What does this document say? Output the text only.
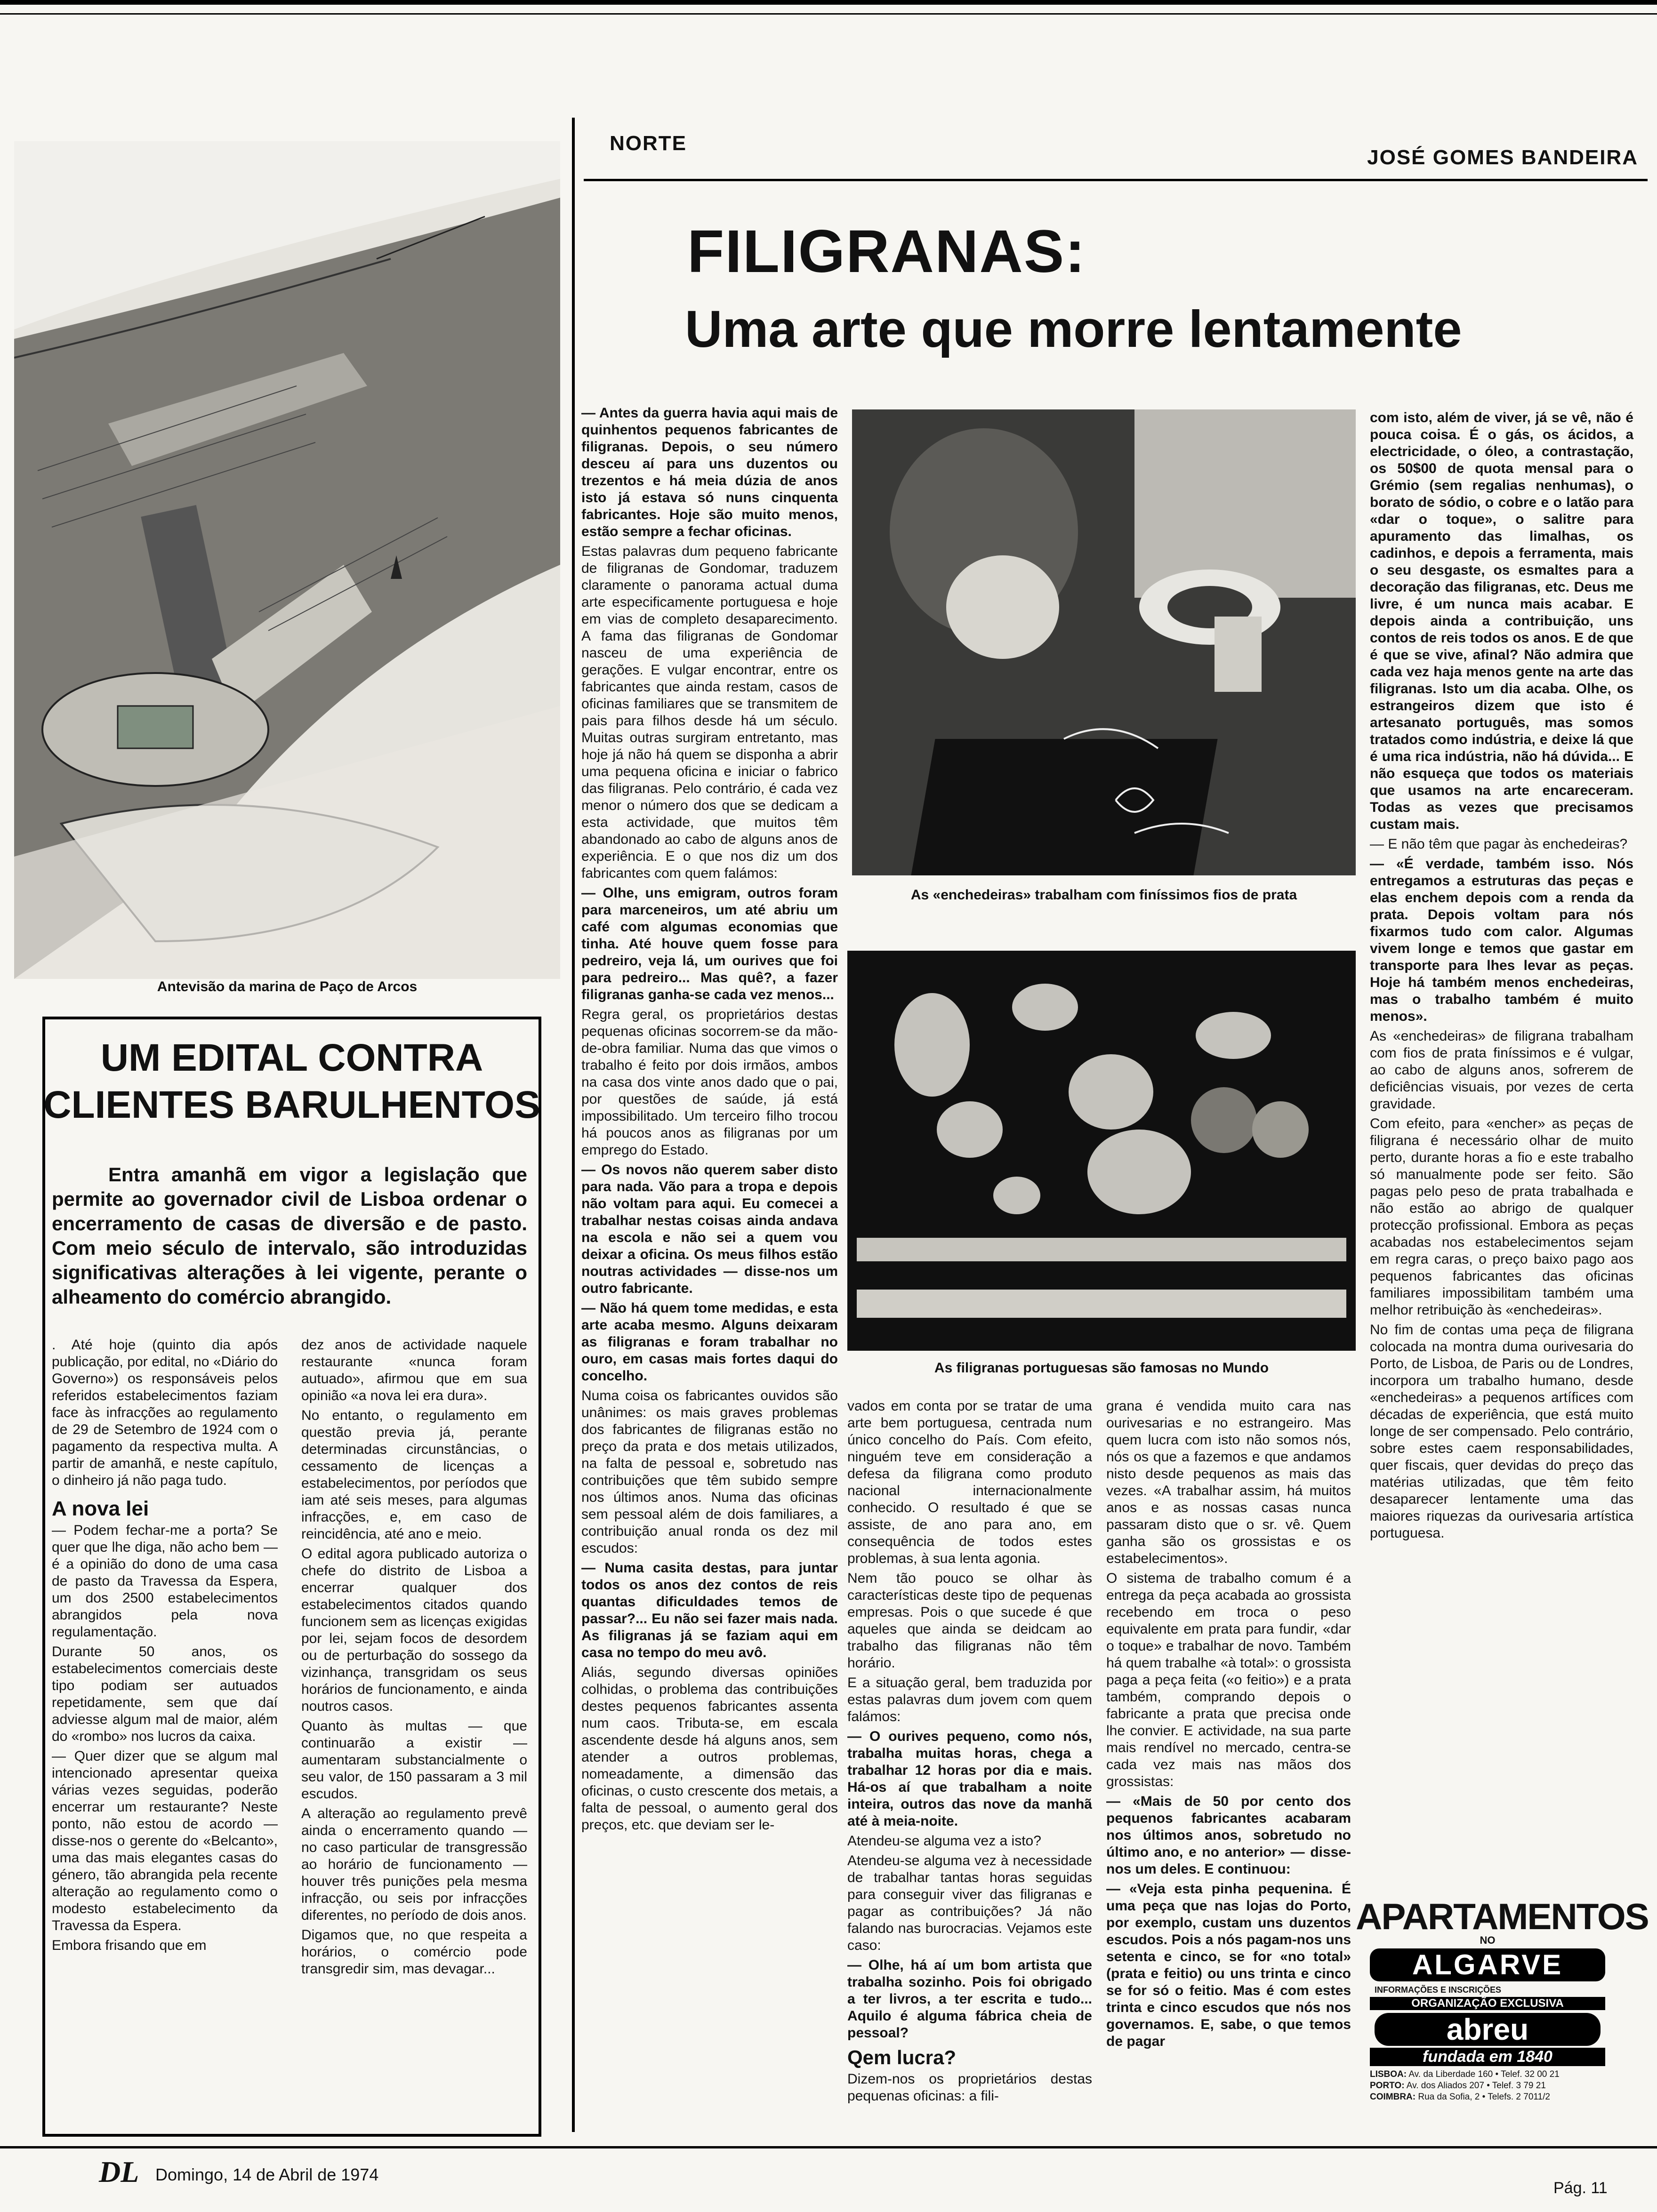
Antevisão da marina de Paço de Arcos
NORTE
JOSÉ GOMES BANDEIRA
FILIGRANAS:
Uma arte que morre lentamente

— Antes da guerra havia aqui mais de quinhentos pequenos fabricantes de filigranas. Depois, o seu número desceu aí para uns duzentos ou trezentos e há meia dúzia de anos isto já estava só nuns cinquenta fabricantes. Hoje são muito menos, estão sempre a fechar oficinas.

Estas palavras dum pequeno fabricante de filigranas de Gondomar, traduzem claramente o panorama actual duma arte especificamente portuguesa e hoje em vias de completo desaparecimento. A fama das filigranas de Gondomar nasceu de uma experiência de gerações. E vulgar encontrar, entre os fabricantes que ainda restam, casos de oficinas familiares que se transmitem de pais para filhos desde há um século. Muitas outras surgiram entretanto, mas hoje já não há quem se disponha a abrir uma pequena oficina e iniciar o fabrico das filigranas. Pelo contrário, é cada vez menor o número dos que se dedicam a esta actividade, que muitos têm abandonado ao cabo de alguns anos de experiência. E o que nos diz um dos fabricantes com quem falámos:

— Olhe, uns emigram, outros foram para marceneiros, um até abriu um café com algumas economias que tinha. Até houve quem fosse para pedreiro, veja lá, um ourives que foi para pedreiro... Mas quê?, a fazer filigranas ganha-se cada vez menos...

Regra geral, os proprietários destas pequenas oficinas socorrem-se da mão-de-obra familiar. Numa das que vimos o trabalho é feito por dois irmãos, ambos na casa dos vinte anos dado que o pai, por questões de saúde, já está impossibilitado. Um terceiro filho trocou há poucos anos as filigranas por um emprego do Estado.

— Os novos não querem saber disto para nada. Vão para a tropa e depois não voltam para aqui. Eu comecei a trabalhar nestas coisas ainda andava na escola e não sei a quem vou deixar a oficina. Os meus filhos estão noutras actividades — disse-nos um outro fabricante.

— Não há quem tome medidas, e esta arte acaba mesmo. Alguns deixaram as filigranas e foram trabalhar no ouro, em casas mais fortes daqui do concelho.

Numa coisa os fabricantes ouvidos são unânimes: os mais graves problemas dos fabricantes de filigranas estão no preço da prata e dos metais utilizados, na falta de pessoal e, sobretudo nas contribuições que têm subido sempre nos últimos anos. Numa das oficinas sem pessoal além de dois familiares, a contribuição anual ronda os dez mil escudos:

— Numa casita destas, para juntar todos os anos dez contos de reis quantas dificuldades temos de passar?... Eu não sei fazer mais nada. As filigranas já se faziam aqui em casa no tempo do meu avô.

Aliás, segundo diversas opiniões colhidas, o problema das contribuições destes pequenos fabricantes assenta num caos. Tributa-se, em escala ascendente desde há alguns anos, sem atender a outros problemas, nomeadamente, a dimensão das oficinas, o custo crescente dos metais, a falta de pessoal, o aumento geral dos preços, etc. que deviam ser le-

As «enchedeiras» trabalham com finíssimos fios de prata
As filigranas portuguesas são famosas no Mundo

vados em conta por se tratar de uma arte bem portuguesa, centrada num único concelho do País. Com efeito, ninguém teve em consideração a defesa da filigrana como produto nacional internacionalmente conhecido. O resultado é que se assiste, de ano para ano, em consequência de todos estes problemas, à sua lenta agonia.

Nem tão pouco se olhar às características deste tipo de pequenas empresas. Pois o que sucede é que aqueles que ainda se deidcam ao trabalho das filigranas não têm horário.

E a situação geral, bem traduzida por estas palavras dum jovem com quem falámos:

— O ourives pequeno, como nós, trabalha muitas horas, chega a trabalhar 12 horas por dia e mais. Há-os aí que trabalham a noite inteira, outros das nove da manhã até à meia-noite.

Atendeu-se alguma vez a isto?

Atendeu-se alguma vez à necessidade de trabalhar tantas horas seguidas para conseguir viver das filigranas e pagar as contribuições? Já não falando nas burocracias. Vejamos este caso:

— Olhe, há aí um bom artista que trabalha sozinho. Pois foi obrigado a ter livros, a ter escrita e tudo... Aquilo é alguma fábrica cheia de pessoal?

Qem lucra?

Dizem-nos os proprietários destas pequenas oficinas: a fili-

grana é vendida muito cara nas ourivesarias e no estrangeiro. Mas quem lucra com isto não somos nós, nós os que a fazemos e que andamos nisto desde pequenos as mais das vezes. «A trabalhar assim, há muitos anos e as nossas casas nunca passaram disto que o sr. vê. Quem ganha são os grossistas e os estabelecimentos».

O sistema de trabalho comum é a entrega da peça acabada ao grossista recebendo em troca o peso equivalente em prata para fundir, «dar o toque» e trabalhar de novo. Também há quem trabalhe «à total»: o grossista paga a peça feita («o feitio») e a prata também, comprando depois o fabricante a prata que precisa onde lhe convier. E actividade, na sua parte mais rendível no mercado, centra-se cada vez mais nas mãos dos grossistas:

— «Mais de 50 por cento dos pequenos fabricantes acabaram nos últimos anos, sobretudo no último ano, e no anterior» — disse-nos um deles. E continuou:

— «Veja esta pinha pequenina. É uma peça que nas lojas do Porto, por exemplo, custam uns duzentos escudos. Pois a nós pagam-nos uns setenta e cinco, se for «no total» (prata e feitio) ou uns trinta e cinco se for só o feitio. Mas é com estes trinta e cinco escudos que nós nos governamos. E, sabe, o que temos de pagar

com isto, além de viver, já se vê, não é pouca coisa. É o gás, os ácidos, a electricidade, o óleo, a contrastação, os 50$00 de quota mensal para o Grémio (sem regalias nenhumas), o borato de sódio, o cobre e o latão para «dar o toque», o salitre para apuramento das limalhas, os cadinhos, e depois a ferramenta, mais o seu desgaste, os esmaltes para a decoração das filigranas, etc. Deus me livre, é um nunca mais acabar. E depois ainda a contribuição, uns contos de reis todos os anos. E de que é que se vive, afinal? Não admira que cada vez haja menos gente na arte das filigranas. Isto um dia acaba. Olhe, os estrangeiros dizem que isto é artesanato português, mas somos tratados como indústria, e deixe lá que é uma rica indústria, não há dúvida... E não esqueça que todos os materiais que usamos na arte encareceram. Todas as vezes que precisamos custam mais.

— E não têm que pagar às enchedeiras?

— «É verdade, também isso. Nós entregamos a estruturas das peças e elas enchem depois com a renda da prata. Depois voltam para nós fixarmos tudo com calor. Algumas vivem longe e temos que gastar em transporte para lhes levar as peças. Hoje há também menos enchedeiras, mas o trabalho também é muito menos».

As «enchedeiras» de filigrana trabalham com fios de prata finíssimos e é vulgar, ao cabo de alguns anos, sofrerem de deficiências visuais, por vezes de certa gravidade.

Com efeito, para «encher» as peças de filigrana é necessário olhar de muito perto, durante horas a fio e este trabalho só manualmente pode ser feito. São pagas pelo peso de prata trabalhada e não estão ao abrigo de qualquer protecção profissional. Embora as peças acabadas nos estabelecimentos sejam em regra caras, o preço baixo pago aos pequenos fabricantes das oficinas familiares impossibilitam também uma melhor retribuição às «enchedeiras».

No fim de contas uma peça de filigrana colocada na montra duma ourivesaria do Porto, de Lisboa, de Paris ou de Londres, incorpora um trabalho humano, desde «enchedeiras» a pequenos artífices com décadas de experiência, que está muito longe de ser compensado. Pelo contrário, sobre estes caem responsabilidades, quer fiscais, quer devidas do preço das matérias utilizadas, que têm feito desaparecer lentamente uma das maiores riquezas da ourivesaria artística portuguesa.

APARTAMENTOS
NO
ALGARVE
INFORMAÇÕES E INSCRIÇÕES
ORGANIZAÇÃO EXCLUSIVA
abreu
fundada em 1840
LISBOA: Av. da Liberdade 160 • Telef. 32 00 21
PORTO: Av. dos Aliados 207 • Telef. 3 79 21
COIMBRA: Rua da Sofia, 2 • Telefs. 2 7011/2
UM EDITAL CONTRA
CLIENTES BARULHENTOS
Entra amanhã em vigor a legislação que permite ao governador civil de Lisboa ordenar o encerramento de casas de diversão e de pasto. Com meio século de intervalo, são introduzidas significativas alterações à lei vigente, perante o alheamento do comércio abrangido.

. Até hoje (quinto dia após publicação, por edital, no «Diário do Governo») os responsáveis pelos referidos estabelecimentos faziam face às infracções ao regulamento de 29 de Setembro de 1924 com o pagamento da respectiva multa. A partir de amanhã, e neste capítulo, o dinheiro já não paga tudo.

A nova lei

— Podem fechar-me a porta? Se quer que lhe diga, não acho bem — é a opinião do dono de uma casa de pasto da Travessa da Espera, um dos 2500 estabelecimentos abrangidos pela nova regulamentação.

Durante 50 anos, os estabelecimentos comerciais deste tipo podiam ser autuados repetidamente, sem que daí adviesse algum mal de maior, além do «rombo» nos lucros da caixa.

— Quer dizer que se algum mal intencionado apresentar queixa várias vezes seguidas, poderão encerrar um restaurante? Neste ponto, não estou de acordo — disse-nos o gerente do «Belcanto», uma das mais elegantes casas do género, tão abrangida pela recente alteração ao regulamento como o modesto estabelecimento da Travessa da Espera.

Embora frisando que em

dez anos de actividade naquele restaurante «nunca foram autuado», afirmou que em sua opinião «a nova lei era dura».

No entanto, o regulamento em questão previa já, perante determinadas circunstâncias, o cessamento de licenças a estabelecimentos, por períodos que iam até seis meses, para algumas infracções, e, em caso de reincidência, até ano e meio.

O edital agora publicado autoriza o chefe do distrito de Lisboa a encerrar qualquer dos estabelecimentos citados quando funcionem sem as licenças exigidas por lei, sejam focos de desordem ou de perturbação do sossego da vizinhança, transgridam os seus horários de funcionamento, e ainda noutros casos.

Quanto às multas — que continuarão a existir — aumentaram substancialmente o seu valor, de 150 passaram a 3 mil escudos.

A alteração ao regulamento prevê ainda o encerramento quando — no caso particular de transgressão ao horário de funcionamento — houver três punições pela mesma infracção, ou seis por infracções diferentes, no período de dois anos.

Digamos que, no que respeita a horários, o comércio pode transgredir sim, mas devagar...

DL Domingo, 14 de Abril de 1974
Pág. 11
